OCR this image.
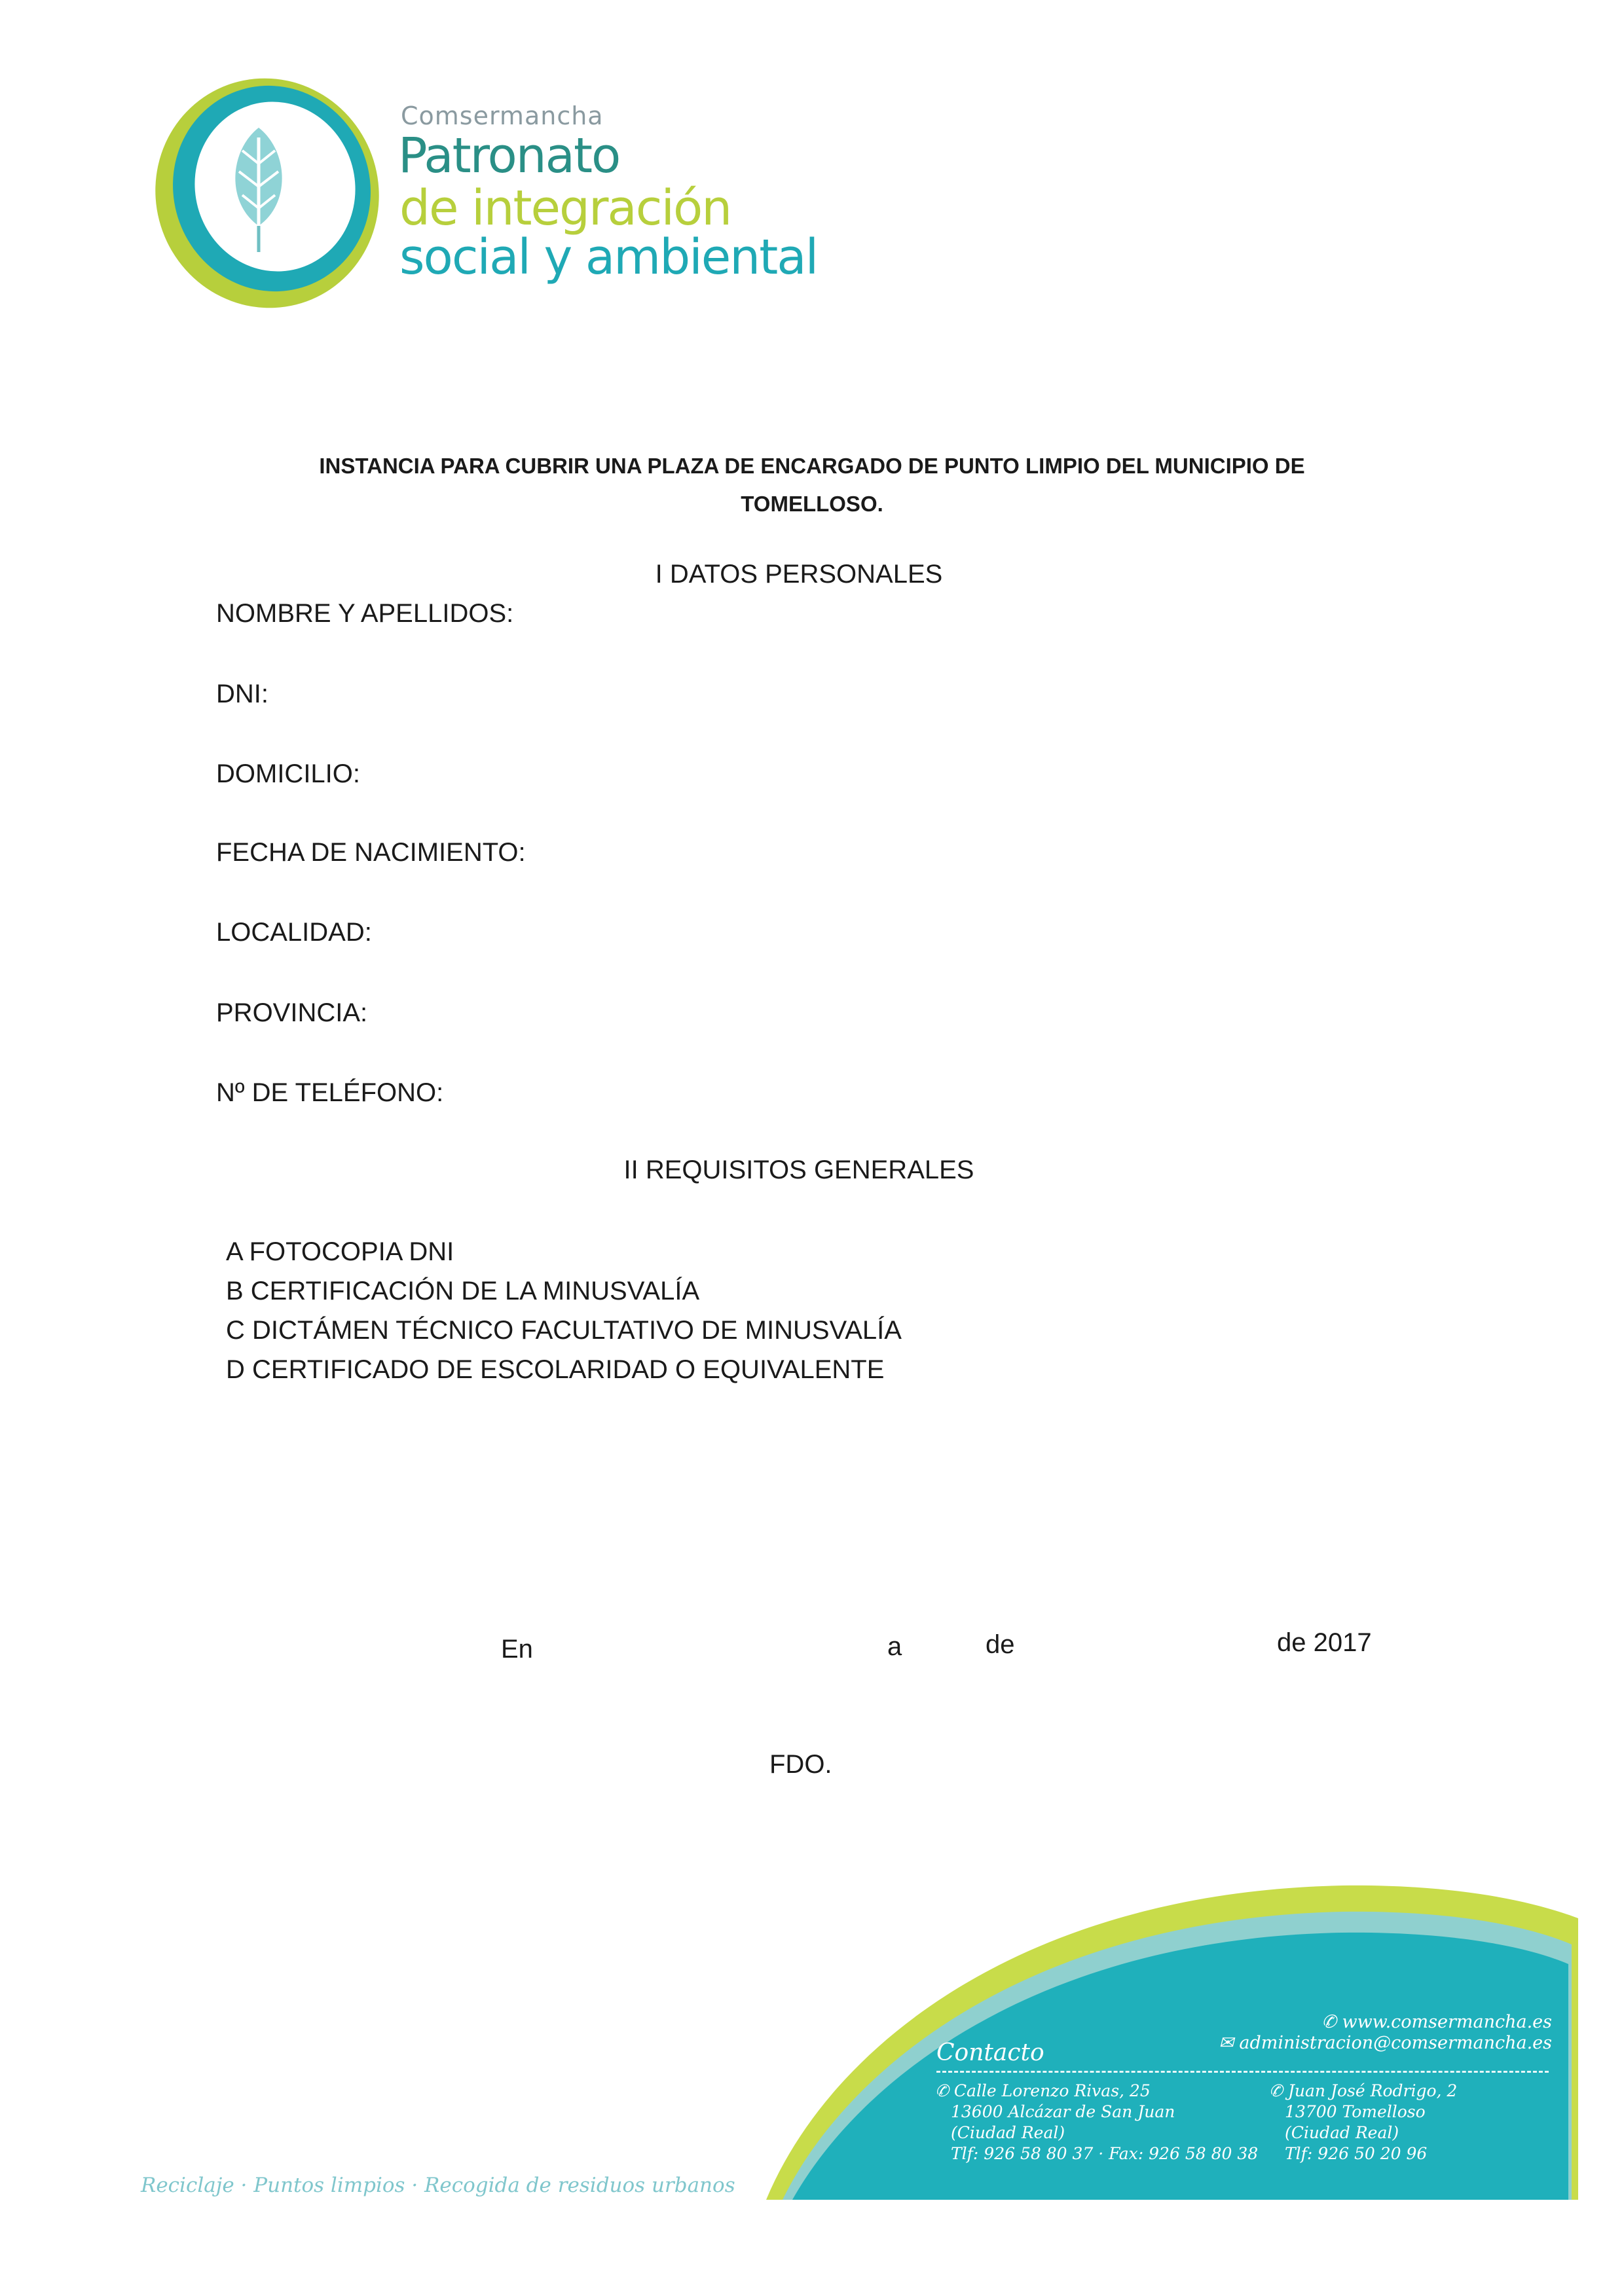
Comsermancha
Patronato
de integración
social y ambiental
INSTANCIA PARA CUBRIR UNA PLAZA DE ENCARGADO DE PUNTO LIMPIO DEL MUNICIPIO DE
TOMELLOSO.
I DATOS PERSONALES
NOMBRE Y APELLIDOS:
DNI:
DOMICILIO:
FECHA DE NACIMIENTO:
LOCALIDAD:
PROVINCIA:
Nº DE TELÉFONO:
II REQUISITOS GENERALES
A FOTOCOPIA DNI
B CERTIFICACIÓN DE LA MINUSVALÍA
C DICTÁMEN TÉCNICO FACULTATIVO DE MINUSVALÍA
D CERTIFICADO DE ESCOLARIDAD O EQUIVALENTE
En	a	de	de 2017
FDO.
✆ www.comsermancha.es
✉ administracion@comsermancha.es
Contacto
✆ Calle Lorenzo Rivas, 25
13600 Alcázar de San Juan
(Ciudad Real)
Tlf: 926 58 80 37 · Fax: 926 58 80 38
✆ Juan José Rodrigo, 2
13700 Tomelloso
(Ciudad Real)
Tlf: 926 50 20 96
Reciclaje · Puntos limpios · Recogida de residuos urbanos
